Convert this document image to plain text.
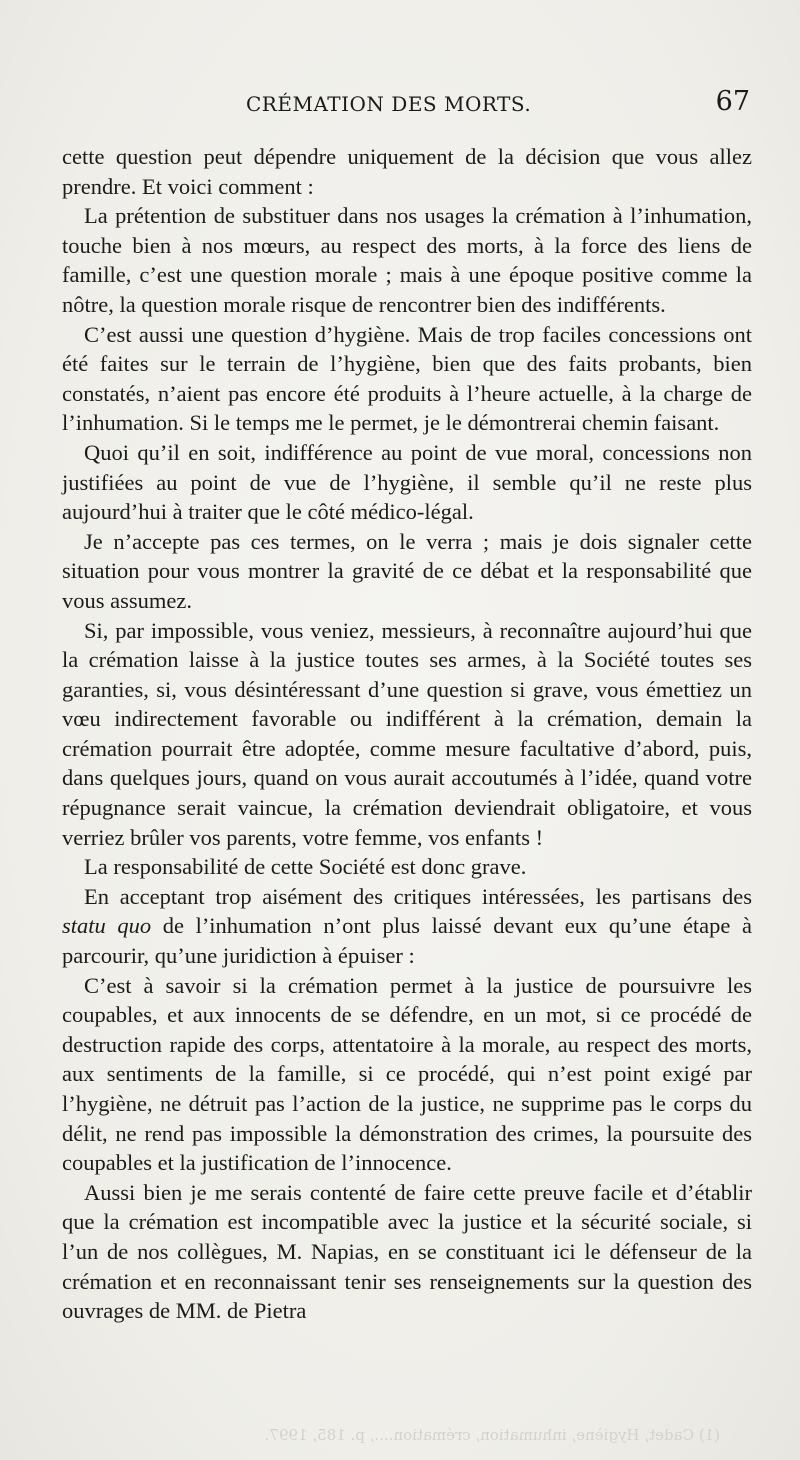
CRÉMATION DES MORTS.	67

cette question peut dépendre uniquement de la décision que vous allez prendre. Et voici comment :

La prétention de substituer dans nos usages la crémation à l’inhumation, touche bien à nos mœurs, au respect des morts, à la force des liens de famille, c’est une question morale ; mais à une époque positive comme la nôtre, la question morale risque de rencontrer bien des indifférents.

C’est aussi une question d’hygiène. Mais de trop faciles concessions ont été faites sur le terrain de l’hygiène, bien que des faits probants, bien constatés, n’aient pas encore été produits à l’heure actuelle, à la charge de l’inhumation. Si le temps me le permet, je le démontrerai chemin faisant.

Quoi qu’il en soit, indifférence au point de vue moral, concessions non justifiées au point de vue de l’hygiène, il semble qu’il ne reste plus aujourd’hui à traiter que le côté médico-légal.

Je n’accepte pas ces termes, on le verra ; mais je dois signaler cette situation pour vous montrer la gravité de ce débat et la responsabilité que vous assumez.

Si, par impossible, vous veniez, messieurs, à reconnaître aujourd’hui que la crémation laisse à la justice toutes ses armes, à la Société toutes ses garanties, si, vous désintéressant d’une question si grave, vous émettiez un vœu indirectement favorable ou indifférent à la crémation, demain la crémation pourrait être adoptée, comme mesure facultative d’abord, puis, dans quelques jours, quand on vous aurait accoutumés à l’idée, quand votre répugnance serait vaincue, la crémation deviendrait obligatoire, et vous verriez brûler vos parents, votre femme, vos enfants !

La responsabilité de cette Société est donc grave.

En acceptant trop aisément des critiques intéressées, les partisans des statu quo de l’inhumation n’ont plus laissé devant eux qu’une étape à parcourir, qu’une juridiction à épuiser :

C’est à savoir si la crémation permet à la justice de poursuivre les coupables, et aux innocents de se défendre, en un mot, si ce procédé de destruction rapide des corps, attentatoire à la morale, au respect des morts, aux sentiments de la famille, si ce procédé, qui n’est point exigé par l’hygiène, ne détruit pas l’action de la justice, ne supprime pas le corps du délit, ne rend pas impossible la démonstration des crimes, la poursuite des coupables et la justification de l’innocence.

Aussi bien je me serais contenté de faire cette preuve facile et d’établir que la crémation est incompatible avec la justice et la sécurité sociale, si l’un de nos collègues, M. Napias, en se constituant ici le défenseur de la crémation et en reconnaissant tenir ses renseignements sur la question des ouvrages de MM. de Pietra

(1) Cadet, Hygiène, inhumation, crémation...., p. 185, 1997.
